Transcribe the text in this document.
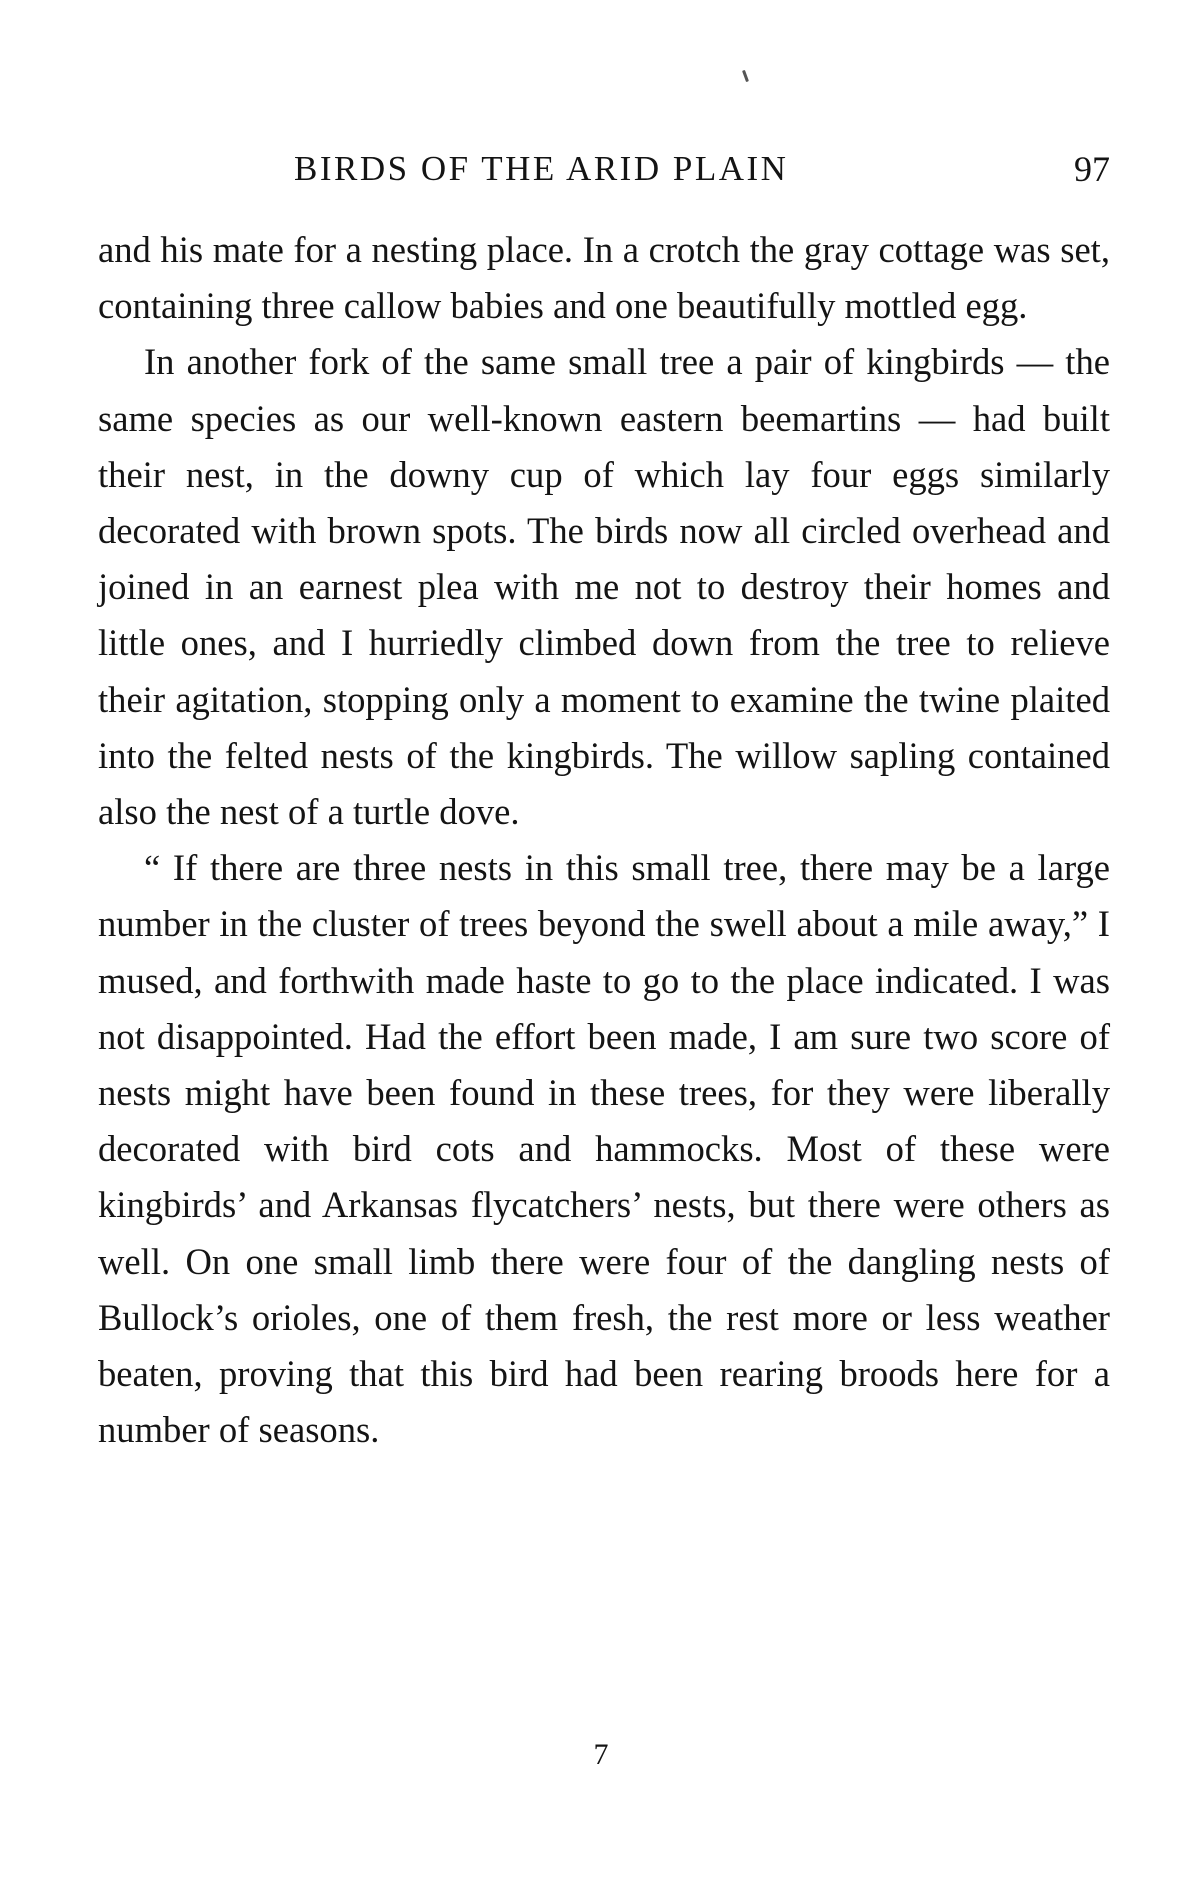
BIRDS OF THE ARID PLAIN	97

and his mate for a nesting place. In a crotch the gray cottage was set, containing three callow babies and one beautifully mottled egg.

In another fork of the same small tree a pair of kingbirds — the same species as our well-known eastern beemartins — had built their nest, in the downy cup of which lay four eggs similarly decorated with brown spots. The birds now all circled overhead and joined in an earnest plea with me not to destroy their homes and little ones, and I hurriedly climbed down from the tree to relieve their agitation, stopping only a moment to examine the twine plaited into the felted nests of the kingbirds. The willow sapling contained also the nest of a turtle dove.

“ If there are three nests in this small tree, there may be a large number in the cluster of trees beyond the swell about a mile away,” I mused, and forthwith made haste to go to the place indicated. I was not disappointed. Had the effort been made, I am sure two score of nests might have been found in these trees, for they were liberally decorated with bird cots and hammocks. Most of these were kingbirds’ and Arkansas flycatchers’ nests, but there were others as well. On one small limb there were four of the dangling nests of Bullock’s orioles, one of them fresh, the rest more or less weather beaten, proving that this bird had been rearing broods here for a number of seasons.

7
